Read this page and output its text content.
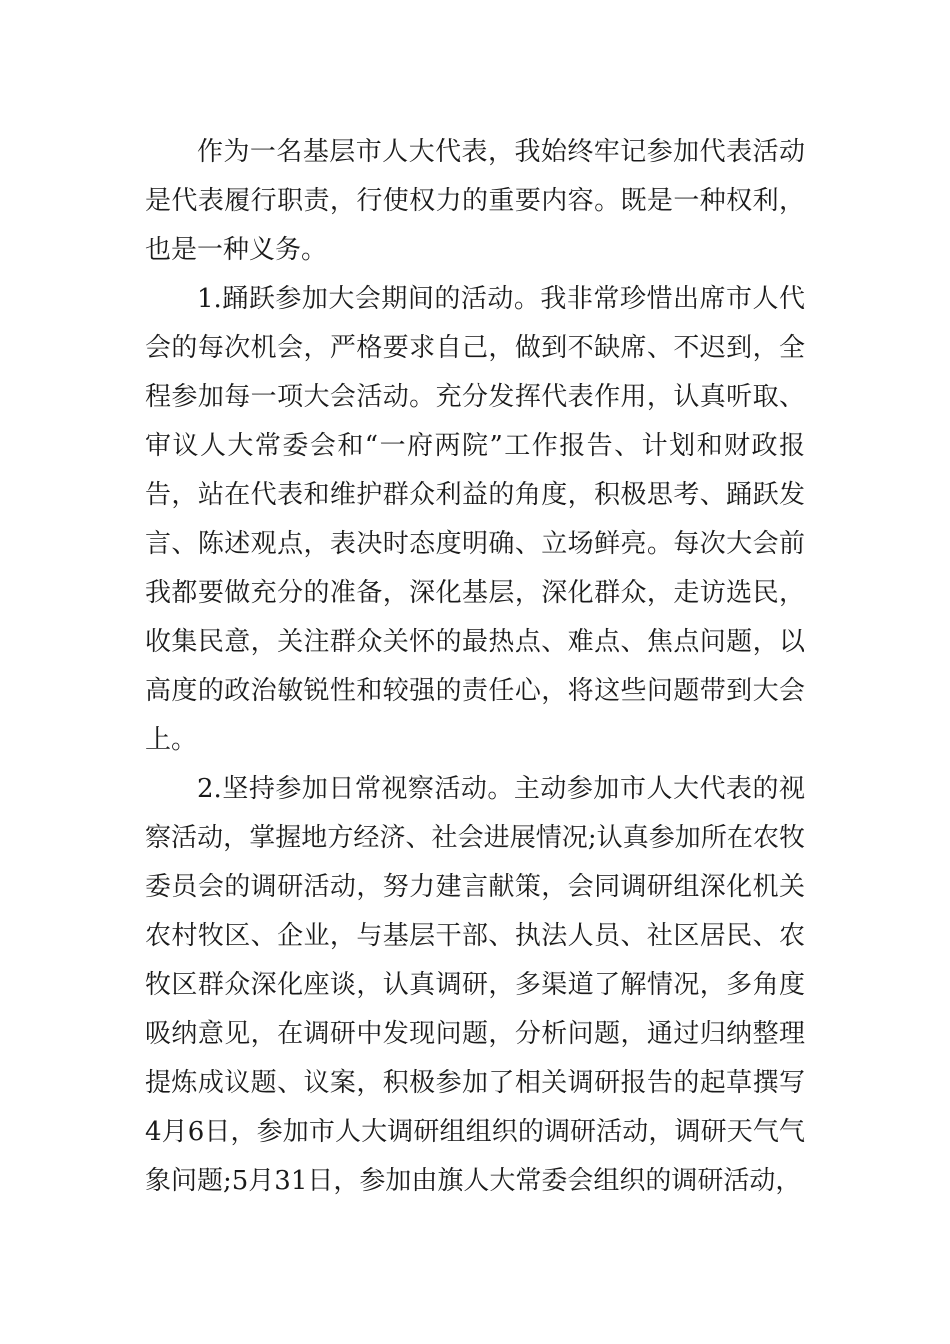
作为一名基层市人大代表，我始终牢记参加代表活动是代表履行职责，行使权力的重要内容。既是一种权利，也是一种义务。

1.踊跃参加大会期间的活动。我非常珍惜出席市人代会的每次机会，严格要求自己，做到不缺席、不迟到，全程参加每一项大会活动。充分发挥代表作用，认真听取、审议人大常委会和“一府两院”工作报告、计划和财政报告，站在代表和维护群众利益的角度，积极思考、踊跃发言、陈述观点，表决时态度明确、立场鲜亮。每次大会前我都要做充分的准备，深化基层，深化群众，走访选民，收集民意，关注群众关怀的最热点、难点、焦点问题，以高度的政治敏锐性和较强的责任心，将这些问题带到大会上。

2.坚持参加日常视察活动。主动参加市人大代表的视察活动，掌握地方经济、社会进展情况;认真参加所在农牧委员会的调研活动，努力建言献策，会同调研组深化机关农村牧区、企业，与基层干部、执法人员、社区居民、农牧区群众深化座谈，认真调研，多渠道了解情况，多角度吸纳意见，在调研中发现问题，分析问题，通过归纳整理提炼成议题、议案，积极参加了相关调研报告的起草撰写4月6日，参加市人大调研组组织的调研活动，调研天气气象问题;5月31日，参加由旗人大常委会组织的调研活动，
